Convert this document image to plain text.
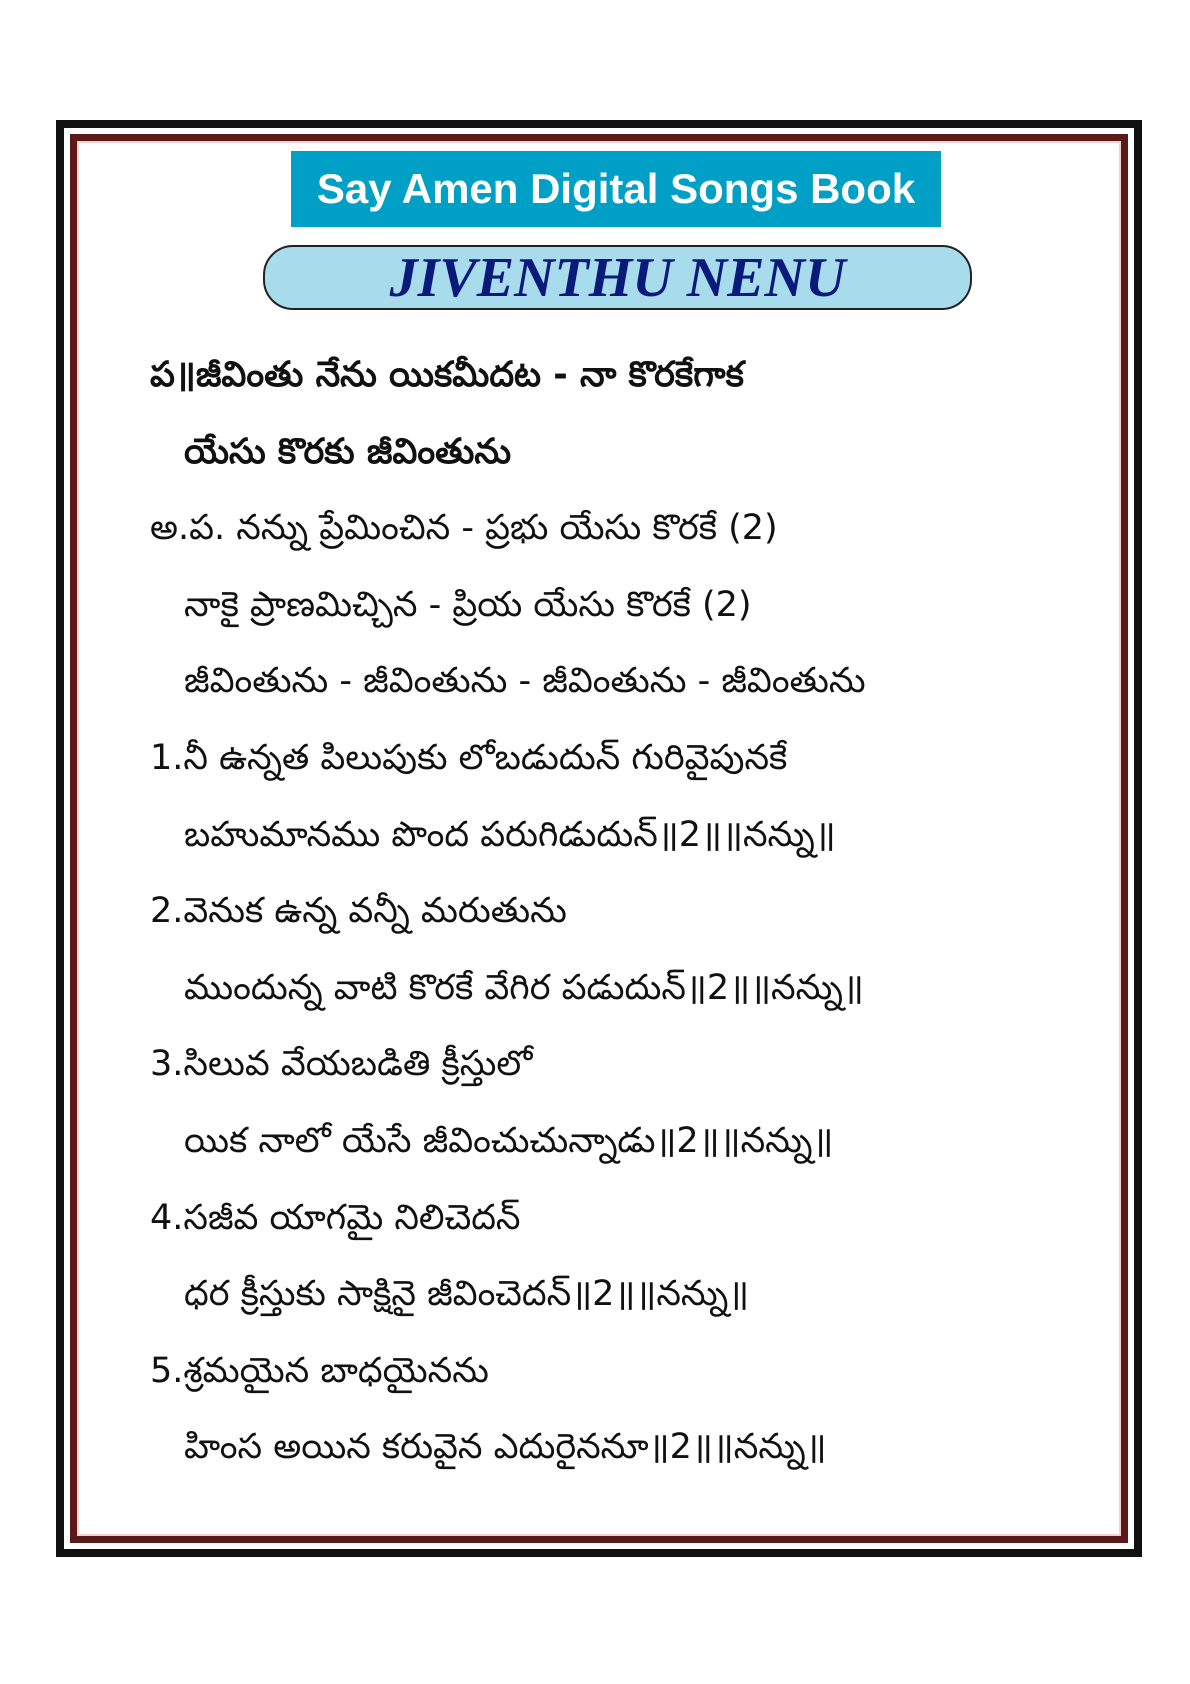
Say Amen Digital Songs Book
JIVENTHU NENU
ప॥జీవింతు నేను యికమీదట - నా కొరకేగాక
యేసు కొరకు జీవింతును
అ.ప. నన్ను ప్రేమించిన - ప్రభు యేసు కొరకే (2)
నాకై ప్రాణమిచ్చిన - ప్రియ యేసు కొరకే (2)
జీవింతును - జీవింతును - జీవింతును - జీవింతును
1.నీ ఉన్నత పిలుపుకు లోబడుదున్ గురివైపునకే
బహుమానము పొంద పరుగిడుదున్॥2॥॥నన్ను॥
2.వెనుక ఉన్న వన్నీ మరుతును
ముందున్న వాటి కొరకే వేగిర పడుదున్॥2॥॥నన్ను॥
3.సిలువ వేయబడితి క్రీస్తులో
యిక నాలో యేసే జీవించుచున్నాడు॥2॥॥నన్ను॥
4.సజీవ యాగమై నిలిచెదన్
ధర క్రీస్తుకు సాక్షినై జీవించెదన్॥2॥॥నన్ను॥
5.శ్రమయైన బాధయైనను
హింస అయిన కరువైన ఎదురైననూ॥2॥॥నన్ను॥
